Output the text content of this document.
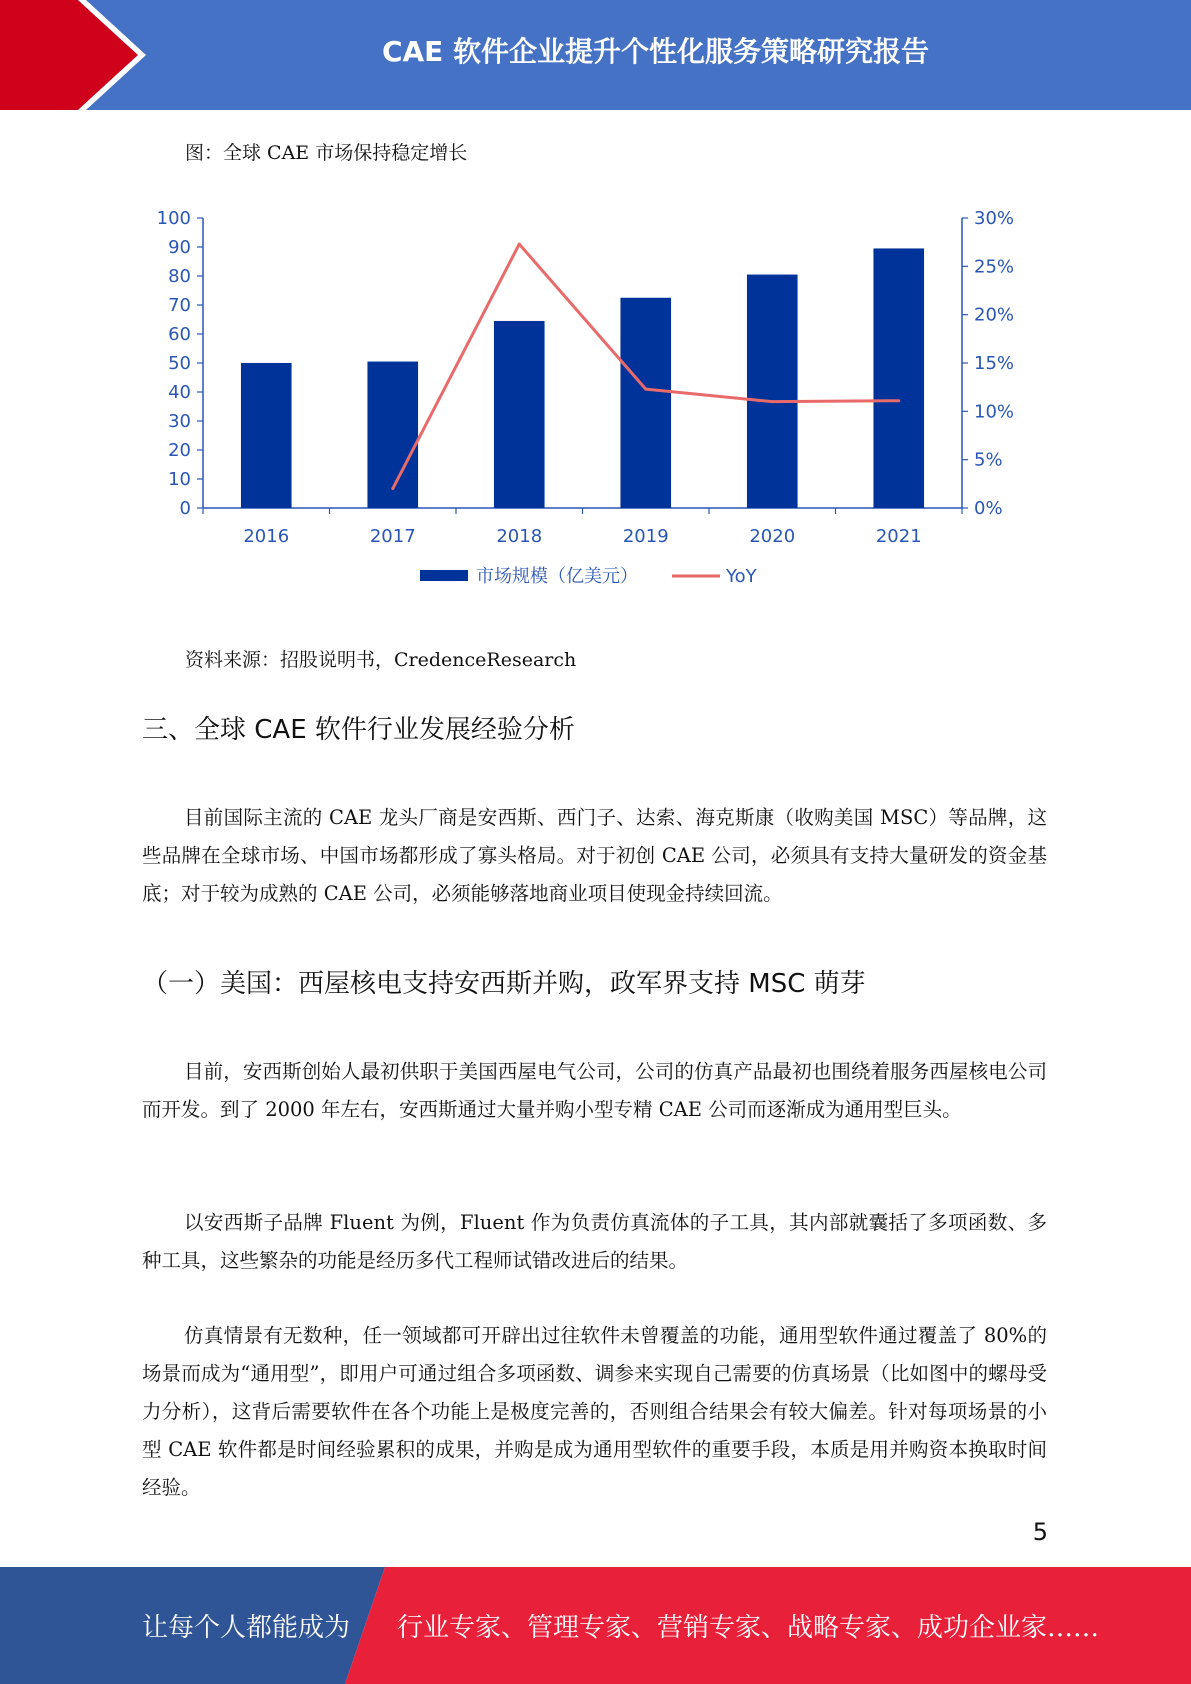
CAE 软件企业提升个性化服务策略研究报告
图：全球 CAE 市场保持稳定增长
0
10
20
30
40
50
60
70
80
90
100
0%
5%
10%
15%
20%
25%
30%
2016	2017	2018	2019	2020	2021
市场规模（亿美元）	YoY
资料来源：招股说明书，CredenceResearch
三、全球 CAE 软件行业发展经验分析
目前国际主流的 CAE 龙头厂商是安西斯、西门子、达索、海克斯康（收购美国 MSC）等品牌，这些品牌在全球市场、中国市场都形成了寡头格局。对于初创 CAE 公司，必须具有支持大量研发的资金基底；对于较为成熟的 CAE 公司，必须能够落地商业项目使现金持续回流。
（一）美国：西屋核电支持安西斯并购，政军界支持 MSC 萌芽
目前，安西斯创始人最初供职于美国西屋电气公司，公司的仿真产品最初也围绕着服务西屋核电公司而开发。到了 2000 年左右，安西斯通过大量并购小型专精 CAE 公司而逐渐成为通用型巨头。
以安西斯子品牌 Fluent 为例，Fluent 作为负责仿真流体的子工具，其内部就囊括了多项函数、多种工具，这些繁杂的功能是经历多代工程师试错改进后的结果。
仿真情景有无数种，任一领域都可开辟出过往软件未曾覆盖的功能，通用型软件通过覆盖了 80%的场景而成为“通用型”，即用户可通过组合多项函数、调参来实现自己需要的仿真场景（比如图中的螺母受力分析），这背后需要软件在各个功能上是极度完善的，否则组合结果会有较大偏差。针对每项场景的小型 CAE 软件都是时间经验累积的成果，并购是成为通用型软件的重要手段，本质是用并购资本换取时间经验。
5
让每个人都能成为 行业专家、管理专家、营销专家、战略专家、成功企业家……
